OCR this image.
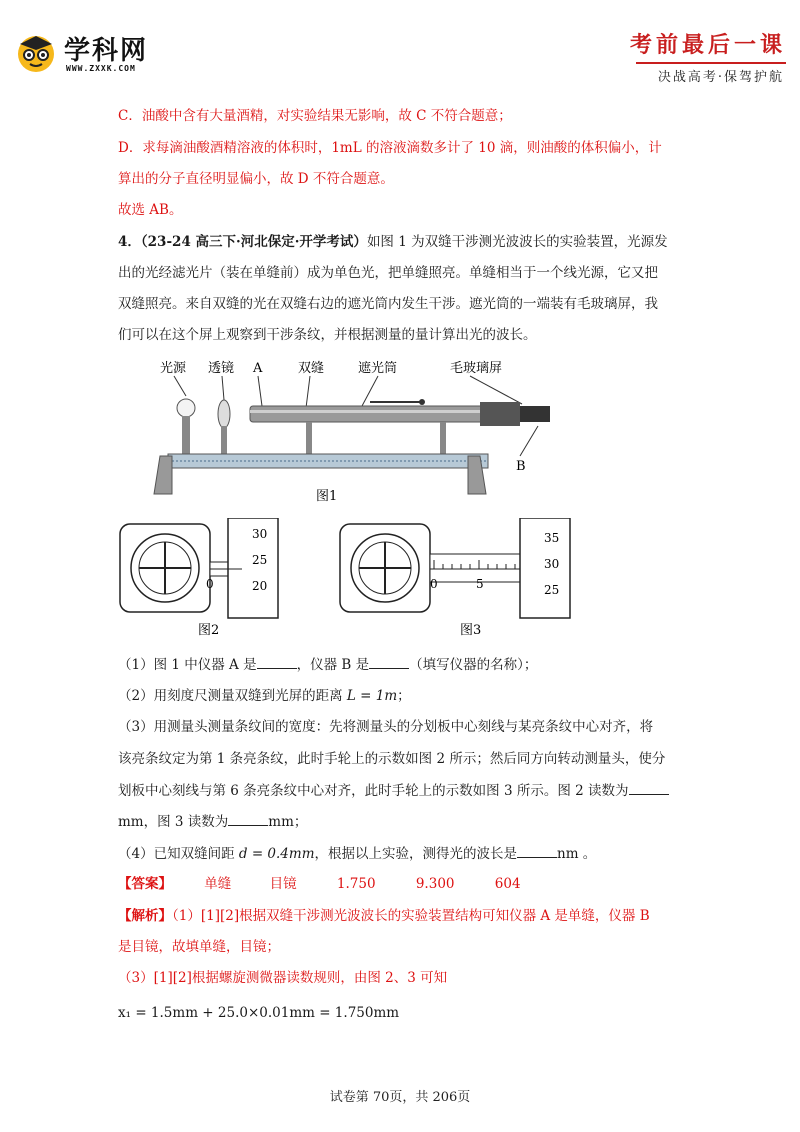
学科网
WWW.ZXXK.COM
考前最后一课
决战高考·保驾护航
C．油酸中含有大量酒精，对实验结果无影响，故 C 不符合题意；
D．求每滴油酸酒精溶液的体积时，1mL 的溶液滴数多计了 10 滴，则油酸的体积偏小，计
算出的分子直径明显偏小，故 D 不符合题意。
故选 AB。
4．（23-24 高三下·河北保定·开学考试）如图 1 为双缝干涉测光波波长的实验装置，光源发
出的光经滤光片（装在单缝前）成为单色光，把单缝照亮。单缝相当于一个线光源，它又把
双缝照亮。来自双缝的光在双缝右边的遮光筒内发生干涉。遮光筒的一端装有毛玻璃屏，我
们可以在这个屏上观察到干涉条纹，并根据测量的量计算出光的波长。
光源 透镜 A	双缝	遮光筒	毛玻璃屏
B
图1
30
25
20
0
图2
35
30
25
0	5
图3
（1）图 1 中仪器 A 是	，仪器 B 是	（填写仪器的名称）；
（2）用刻度尺测量双缝到光屏的距离 L = 1m；
（3）用测量头测量条纹间的宽度：先将测量头的分划板中心刻线与某亮条纹中心对齐，将
该亮条纹定为第 1 条亮条纹，此时手轮上的示数如图 2 所示；然后同方向转动测量头，使分
划板中心刻线与第 6 条亮条纹中心对齐，此时手轮上的示数如图 3 所示。图 2 读数为
mm，图 3 读数为	mm；
（4）已知双缝间距 d = 0.4mm，根据以上实验，测得光的波长是	nm 。
【答案】 单缝	目镜	1.750	9.300	604
【解析】（1）[1][2]根据双缝干涉测光波波长的实验装置结构可知仪器 A 是单缝，仪器 B
是目镜，故填单缝，目镜；
（3）[1][2]根据螺旋测微器读数规则，由图 2、3 可知
x₁ = 1.5mm + 25.0×0.01mm = 1.750mm
试卷第 70页，共 206页
